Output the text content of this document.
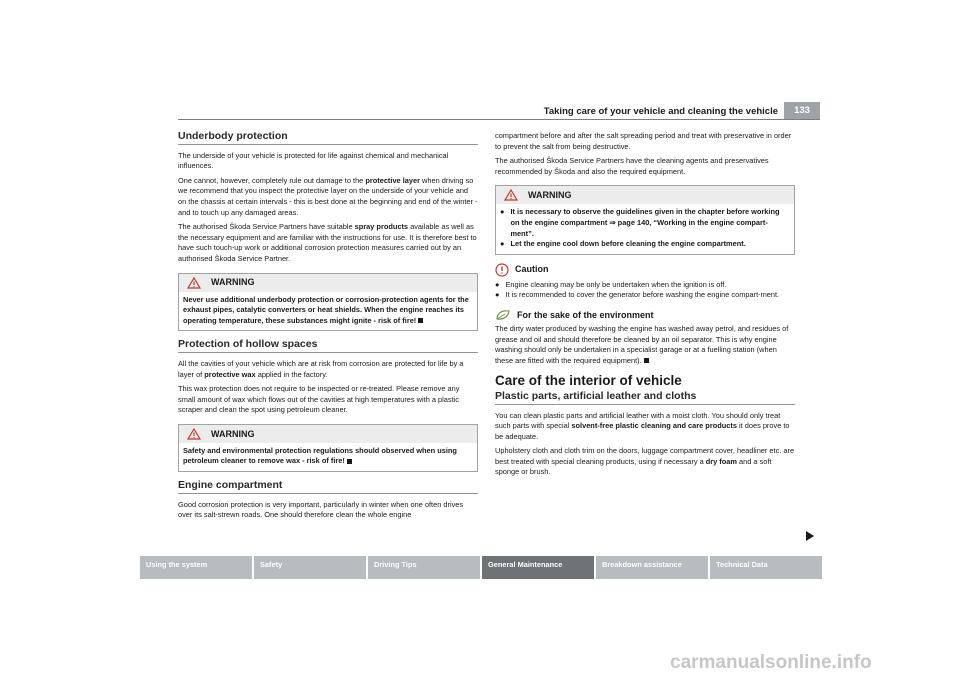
Taking care of your vehicle and cleaning the vehicle	133
Underbody protection

The underside of your vehicle is protected for life against chemical and mechanical influences.

One cannot, however, completely rule out damage to the protective layer when driving so we recommend that you inspect the protective layer on the underside of your vehicle and on the chassis at certain intervals - this is best done at the beginning and end of the winter - and to touch up any damaged areas.

The authorised Škoda Service Partners have suitable spray products available as well as the necessary equipment and are familiar with the instructions for use. It is therefore best to have such touch-up work or additional corrosion protection measures carried out by an authorised Škoda Service Partner.

WARNING
Never use additional underbody protection or corrosion-protection agents for the exhaust pipes, catalytic converters or heat shields. When the engine reaches its operating temperature, these substances might ignite - risk of fire!
Protection of hollow spaces

All the cavities of your vehicle which are at risk from corrosion are protected for life by a layer of protective wax applied in the factory.

This wax protection does not require to be inspected or re-treated. Please remove any small amount of wax which flows out of the cavities at high temperatures with a plastic scraper and clean the spot using petroleum cleaner.

WARNING
Safety and environmental protection regulations should observed when using petroleum cleaner to remove wax - risk of fire!
Engine compartment

Good corrosion protection is very important, particularly in winter when one often drives over its salt-strewn roads. One should therefore clean the whole engine

compartment before and after the salt spreading period and treat with preservative in order to prevent the salt from being destructive.

The authorised Škoda Service Partners have the cleaning agents and preservatives recommended by Škoda and also the required equipment.

WARNING
● It is necessary to observe the guidelines given in the chapter before working on the engine compartment ⇒ page 140, “Working in the engine compart-ment”.
● Let the engine cool down before cleaning the engine compartment.
Caution
● Engine cleaning may be only be undertaken when the ignition is off.
● It is recommended to cover the generator before washing the engine compart-ment.
For the sake of the environment

The dirty water produced by washing the engine has washed away petrol, and residues of grease and oil and should therefore be cleaned by an oil separator. This is why engine washing should only be undertaken in a specialist garage or at a fuelling station (when these are fitted with the required equipment).

Care of the interior of vehicle
Plastic parts, artificial leather and cloths

You can clean plastic parts and artificial leather with a moist cloth. You should only treat such parts with special solvent-free plastic cleaning and care products it does prove to be adequate.

Upholstery cloth and cloth trim on the doors, luggage compartment cover, headliner etc. are best treated with special cleaning products, using if necessary a dry foam and a soft sponge or brush.

Using the system	Safety	Driving Tips	General Maintenance	Breakdown assistance	Technical Data
carmanualsonline.info
